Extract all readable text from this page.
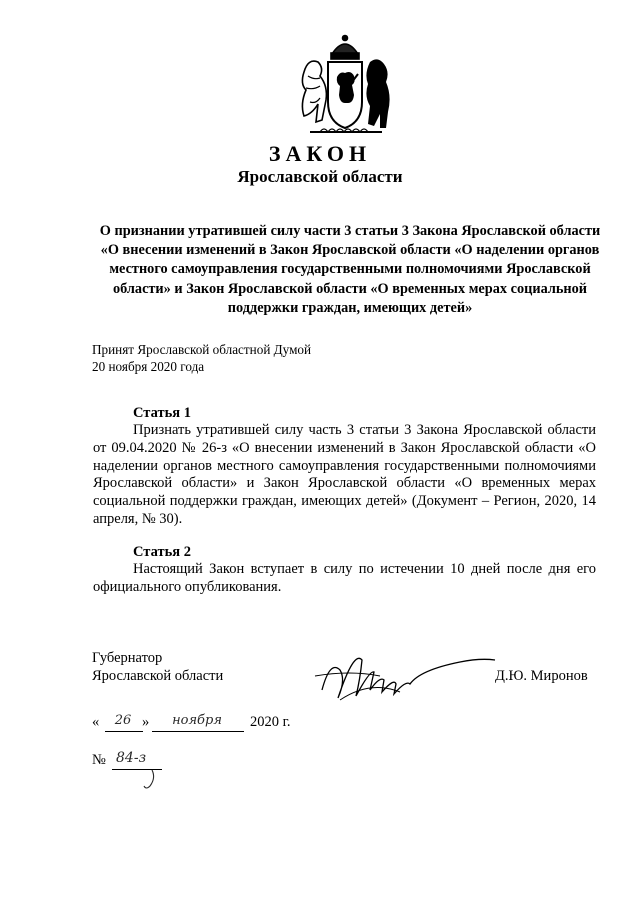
ЗАКОН
Ярославской области
О признании утратившей силу части 3 статьи 3 Закона Ярославской области «О внесении изменений в Закон Ярославской области «О наделении органов местного самоуправления государственными полномочиями Ярославской области» и Закон Ярославской области «О временных мерах социальной поддержки граждан, имеющих детей»
Принят Ярославской областной Думой
20 ноября 2020 года
Статья 1
Признать утратившей силу часть 3 статьи 3 Закона Ярославской области от 09.04.2020 № 26-з «О внесении изменений в Закон Ярославской области «О наделении органов местного самоуправления государственными полномочиями Ярославской области» и Закон Ярославской области «О временных мерах социальной поддержки граждан, имеющих детей» (Документ – Регион, 2020, 14 апреля, № 30).
Статья 2
Настоящий Закон вступает в силу по истечении 10 дней после дня его официального опубликования.
Губернатор
Ярославской области	Д.Ю. Миронов
«	26 »	ноября	2020 г.
№ 84-з
